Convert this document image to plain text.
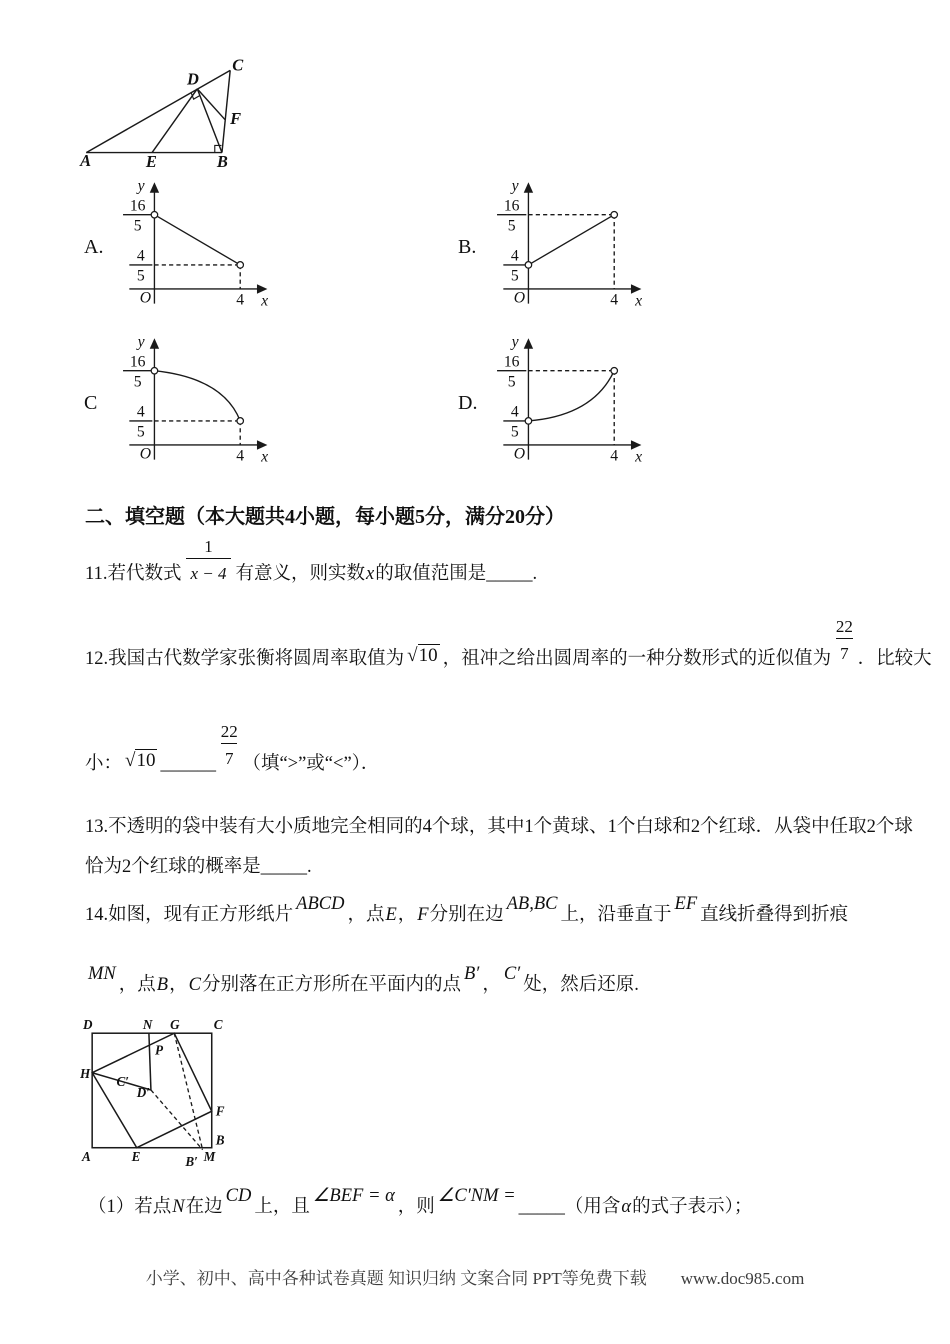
A	B
C
D
E
F
A.
y
x
O
16
5
4
5
4
B.
y
x
O
16
5
4
5
4
C
y
x
O
16
5
4
5
4
D.
y
x
O
16
5
4
5
4
二、填空题（本大题共4小题，每小题5分，满分20分）
11.若代数式 $\frac{1}{x - 4}$ 有意义，则实数x的取值范围是_____.
12.我国古代数学家张衡将圆周率取值为 √10 ，祖冲之给出圆周率的一种分数形式的近似值为 $\frac{22}{7}$ ．比较大
小： √10 ______ $\frac{22}{7}$ （填“>”或“<”）．
13.不透明的袋中装有大小质地完全相同的4个球，其中1个黄球、1个白球和2个红球．从袋中任取2个球
恰为2个红球的概率是_____.
14.如图，现有正方形纸片ABCD，点E，F分别在边AB,BC上，沿垂直于EF直线折叠得到折痕
MN，点B，C分别落在正方形所在平面内的点B′，C′处，然后还原.
D	N G	C
H
F
A	E
B
M
B′
C′
D′
P
（1）若点N在边CD上，且∠BEF = α，则∠C′NM =_____（用含α的式子表示）；
小学、初中、高中各种试卷真题 知识归纳 文案合同 PPT等免费下载 www.doc985.com
